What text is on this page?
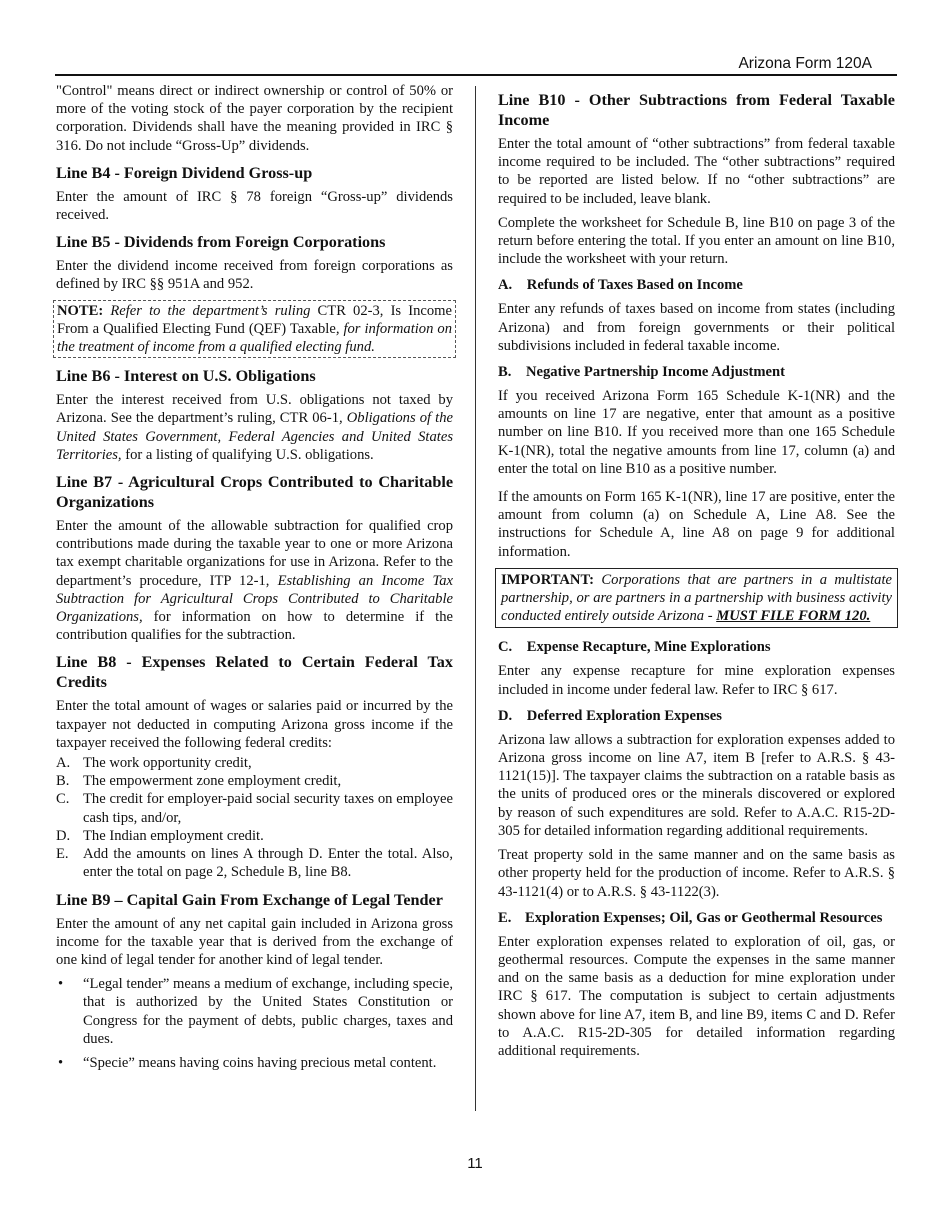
Arizona Form 120A

"Control" means direct or indirect ownership or control of 50% or more of the voting stock of the payer corporation by the recipient corporation. Dividends shall have the meaning provided in IRC § 316. Do not include “Gross-Up” dividends.

Line B4 - Foreign Dividend Gross-up

Enter the amount of IRC § 78 foreign “Gross-up” dividends received.

Line B5 - Dividends from Foreign Corporations

Enter the dividend income received from foreign corporations as defined by IRC §§ 951A and 952.

NOTE: Refer to the department’s ruling CTR 02-3, Is Income From a Qualified Electing Fund (QEF) Taxable, for information on the treatment of income from a qualified electing fund.
Line B6 - Interest on U.S. Obligations

Enter the interest received from U.S. obligations not taxed by Arizona. See the department’s ruling, CTR 06-1, Obligations of the United States Government, Federal Agencies and United States Territories, for a listing of qualifying U.S. obligations.

Line B7 - Agricultural Crops Contributed to Charitable Organizations

Enter the amount of the allowable subtraction for qualified crop contributions made during the taxable year to one or more Arizona tax exempt charitable organizations for use in Arizona. Refer to the department’s procedure, ITP 12-1, Establishing an Income Tax Subtraction for Agricultural Crops Contributed to Charitable Organizations, for information on how to determine if the contribution qualifies for the subtraction.

Line B8 - Expenses Related to Certain Federal Tax Credits

Enter the total amount of wages or salaries paid or incurred by the taxpayer not deducted in computing Arizona gross income if the taxpayer received the following federal credits:

A. The work opportunity credit,
B. The empowerment zone employment credit,
C. The credit for employer-paid social security taxes on employee cash tips, and/or,
D. The Indian employment credit.
E. Add the amounts on lines A through D. Enter the total. Also, enter the total on page 2, Schedule B, line B8.
Line B9 – Capital Gain From Exchange of Legal Tender

Enter the amount of any net capital gain included in Arizona gross income for the taxable year that is derived from the exchange of one kind of legal tender for another kind of legal tender.

•	“Legal tender” means a medium of exchange, including specie, that is authorized by the United States Constitution or Congress for the payment of debts, public charges, taxes and dues.
•	“Specie” means having coins having precious metal content.
Line B10 - Other Subtractions from Federal Taxable Income

Enter the total amount of “other subtractions” from federal taxable income required to be included. The “other subtractions” required to be reported are listed below. If no “other subtractions” are required to be included, leave blank.

Complete the worksheet for Schedule B, line B10 on page 3 of the return before entering the total. If you enter an amount on line B10, include the worksheet with your return.

A. Refunds of Taxes Based on Income

Enter any refunds of taxes based on income from states (including Arizona) and from foreign governments or their political subdivisions included in federal taxable income.

B. Negative Partnership Income Adjustment

If you received Arizona Form 165 Schedule K-1(NR) and the amounts on line 17 are negative, enter that amount as a positive number on line B10. If you received more than one 165 Schedule K-1(NR), total the negative amounts from line 17, column (a) and enter the total on line B10 as a positive number.

If the amounts on Form 165 K-1(NR), line 17 are positive, enter the amount from column (a) on Schedule A, Line A8. See the instructions for Schedule A, line A8 on page 9 for additional information.

IMPORTANT: Corporations that are partners in a multistate partnership, or are partners in a partnership with business activity conducted entirely outside Arizona - MUST FILE FORM 120.
C. Expense Recapture, Mine Explorations

Enter any expense recapture for mine exploration expenses included in income under federal law. Refer to IRC § 617.

D. Deferred Exploration Expenses

Arizona law allows a subtraction for exploration expenses added to Arizona gross income on line A7, item B [refer to A.R.S. § 43-1121(15)]. The taxpayer claims the subtraction on a ratable basis as the units of produced ores or the minerals discovered or explored by reason of such expenditures are sold. Refer to A.A.C. R15-2D-305 for detailed information regarding additional requirements.

Treat property sold in the same manner and on the same basis as other property held for the production of income. Refer to A.R.S. § 43-1121(4) or to A.R.S. § 43-1122(3).

E. Exploration Expenses; Oil, Gas or Geothermal Resources

Enter exploration expenses related to exploration of oil, gas, or geothermal resources. Compute the expenses in the same manner and on the same basis as a deduction for mine exploration under IRC § 617. The computation is subject to certain adjustments shown above for line A7, item B, and line B9, items C and D. Refer to A.A.C. R15-2D-305 for detailed information regarding additional requirements.

11
